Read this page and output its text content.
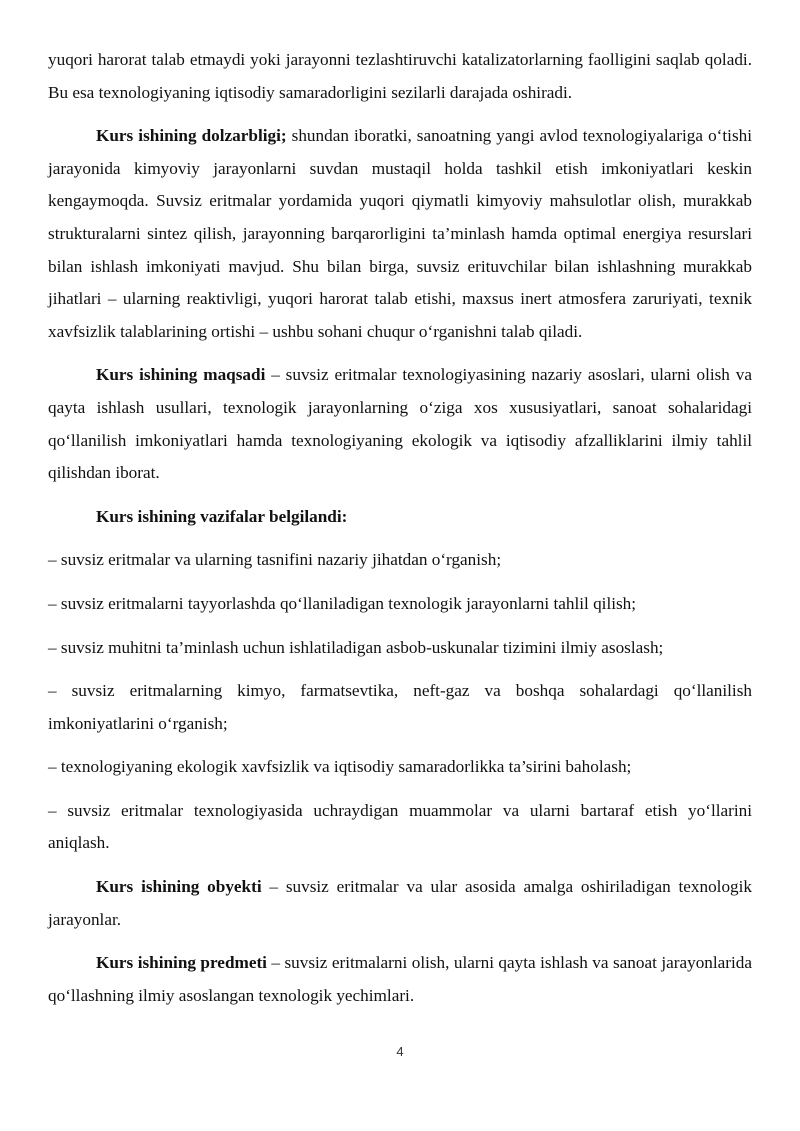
yuqori harorat talab etmaydi yoki jarayonni tezlashtiruvchi katalizatorlarning faolligini saqlab qoladi. Bu esa texnologiyaning iqtisodiy samaradorligini sezilarli darajada oshiradi.

Kurs ishining dolzarbligi; shundan iboratki, sanoatning yangi avlod texnologiyalariga o‘tishi jarayonida kimyoviy jarayonlarni suvdan mustaqil holda tashkil etish imkoniyatlari keskin kengaymoqda. Suvsiz eritmalar yordamida yuqori qiymatli kimyoviy mahsulotlar olish, murakkab strukturalarni sintez qilish, jarayonning barqarorligini ta’minlash hamda optimal energiya resurslari bilan ishlash imkoniyati mavjud. Shu bilan birga, suvsiz erituvchilar bilan ishlashning murakkab jihatlari – ularning reaktivligi, yuqori harorat talab etishi, maxsus inert atmosfera zaruriyati, texnik xavfsizlik talablarining ortishi – ushbu sohani chuqur o‘rganishni talab qiladi.

Kurs ishining maqsadi – suvsiz eritmalar texnologiyasining nazariy asoslari, ularni olish va qayta ishlash usullari, texnologik jarayonlarning o‘ziga xos xususiyatlari, sanoat sohalaridagi qo‘llanilish imkoniyatlari hamda texnologiyaning ekologik va iqtisodiy afzalliklarini ilmiy tahlil qilishdan iborat.

Kurs ishining vazifalar belgilandi:

– suvsiz eritmalar va ularning tasnifini nazariy jihatdan o‘rganish;

– suvsiz eritmalarni tayyorlashda qo‘llaniladigan texnologik jarayonlarni tahlil qilish;

– suvsiz muhitni ta’minlash uchun ishlatiladigan asbob-uskunalar tizimini ilmiy asoslash;

– suvsiz eritmalarning kimyo, farmatsevtika, neft-gaz va boshqa sohalardagi qo‘llanilish imkoniyatlarini o‘rganish;

– texnologiyaning ekologik xavfsizlik va iqtisodiy samaradorlikka ta’sirini baholash;

– suvsiz eritmalar texnologiyasida uchraydigan muammolar va ularni bartaraf etish yo‘llarini aniqlash.

Kurs ishining obyekti – suvsiz eritmalar va ular asosida amalga oshiriladigan texnologik jarayonlar.

Kurs ishining predmeti – suvsiz eritmalarni olish, ularni qayta ishlash va sanoat jarayonlarida qo‘llashning ilmiy asoslangan texnologik yechimlari.

4
